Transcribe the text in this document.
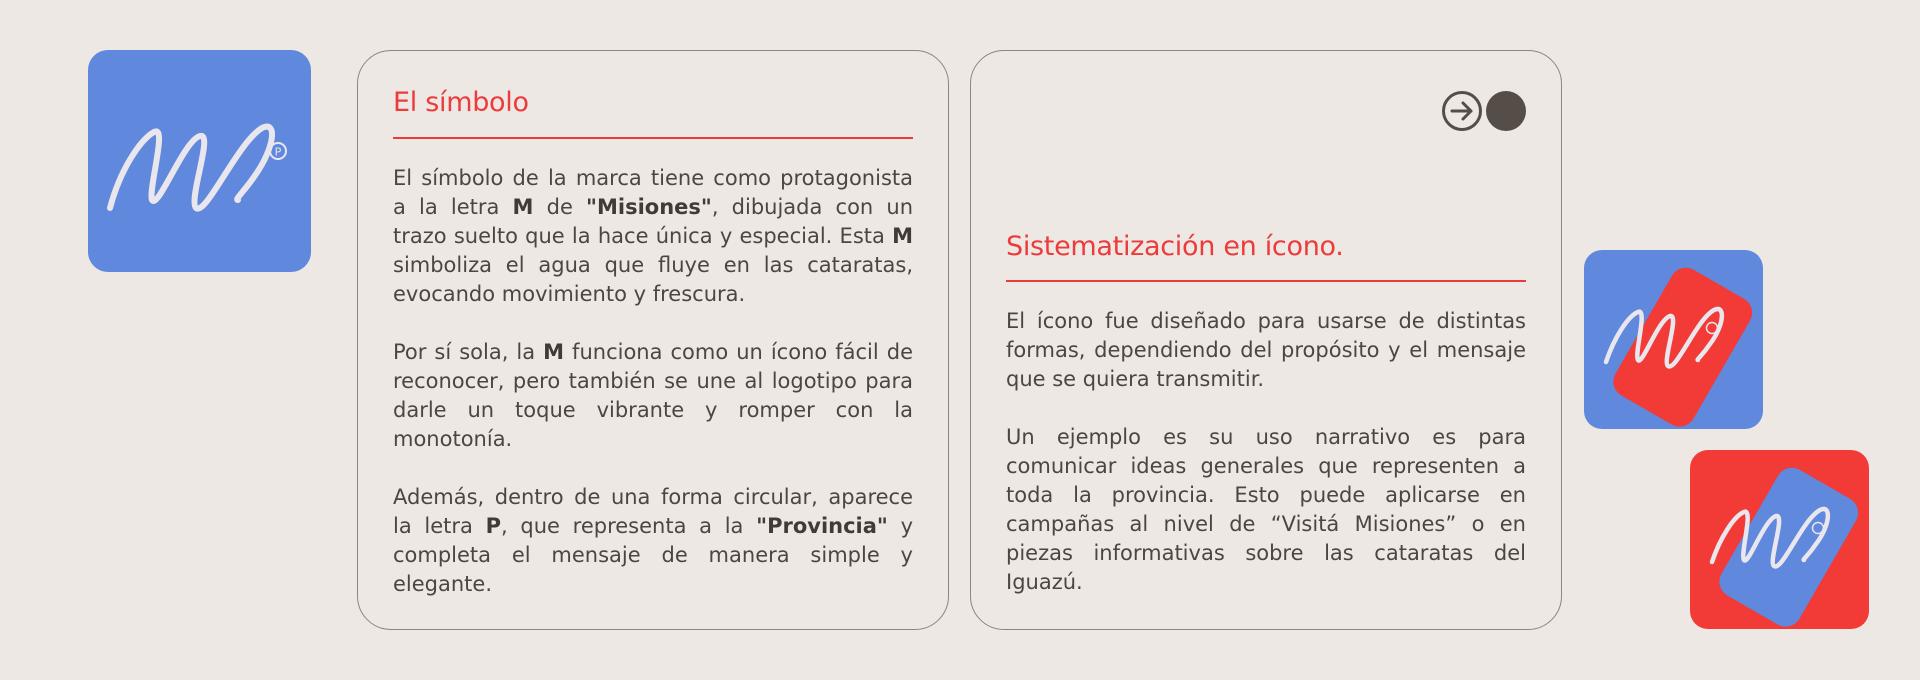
P
El símbolo

El símbolo de la marca tiene como protagonista a la letra M de "Misiones", dibujada con un trazo suelto que la hace única y especial. Esta M simboliza el agua que fluye en las cataratas, evocando movimiento y frescura.

Por sí sola, la M funciona como un ícono fácil de reconocer, pero también se une al logotipo para darle un toque vibrante y romper con la monotonía.

Además, dentro de una forma circular, aparece la letra P, que representa a la "Provincia" y completa el mensaje de manera simple y elegante.

Sistematización en ícono.

El ícono fue diseñado para usarse de distintas formas, dependiendo del propósito y el mensaje que se quiera transmitir.

Un ejemplo es su uso narrativo es para comunicar ideas generales que representen a toda la provincia. Esto puede aplicarse en campañas al nivel de “Visitá Misiones” o en piezas informativas sobre las cataratas del Iguazú.
